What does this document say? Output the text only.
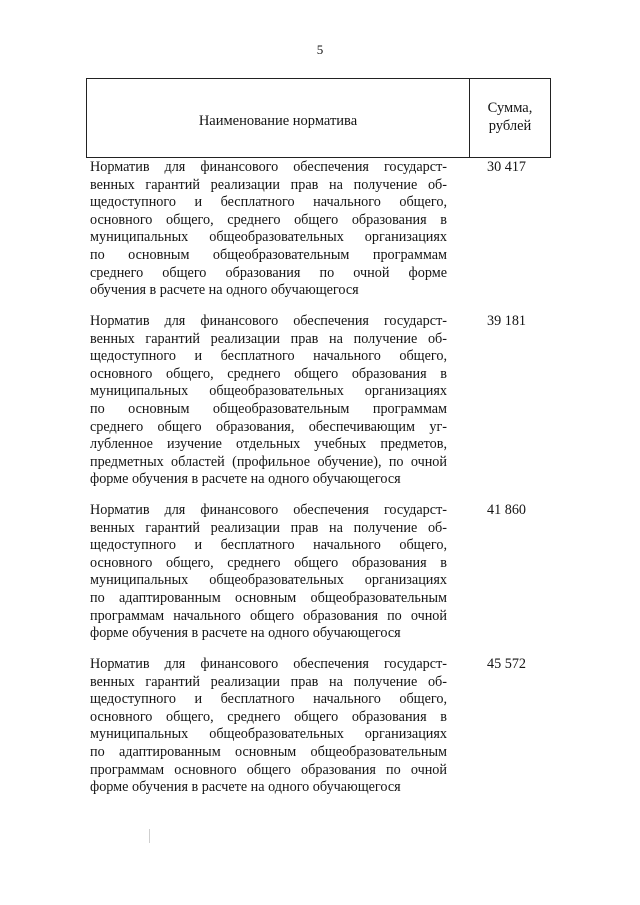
5
Наименование норматива
Сумма,
рублей

Норматив для финансового обеспечения государст-
венных гарантий реализации прав на получение об-
щедоступного и бесплатного начального общего,
основного общего, среднего общего образования в
муниципальных общеобразовательных организациях
по основным общеобразовательным программам
среднего общего образования по очной форме
обучения в расчете на одного обучающегося

30 417

Норматив для финансового обеспечения государст-
венных гарантий реализации прав на получение об-
щедоступного и бесплатного начального общего,
основного общего, среднего общего образования в
муниципальных общеобразовательных организациях
по основным общеобразовательным программам
среднего общего образования, обеспечивающим уг-
лубленное изучение отдельных учебных предметов,
предметных областей (профильное обучение), по очной
форме обучения в расчете на одного обучающегося

39 181

Норматив для финансового обеспечения государст-
венных гарантий реализации прав на получение об-
щедоступного и бесплатного начального общего,
основного общего, среднего общего образования в
муниципальных общеобразовательных организациях
по адаптированным основным общеобразовательным
программам начального общего образования по очной
форме обучения в расчете на одного обучающегося

41 860

Норматив для финансового обеспечения государст-
венных гарантий реализации прав на получение об-
щедоступного и бесплатного начального общего,
основного общего, среднего общего образования в
муниципальных общеобразовательных организациях
по адаптированным основным общеобразовательным
программам основного общего образования по очной
форме обучения в расчете на одного обучающегося

45 572
